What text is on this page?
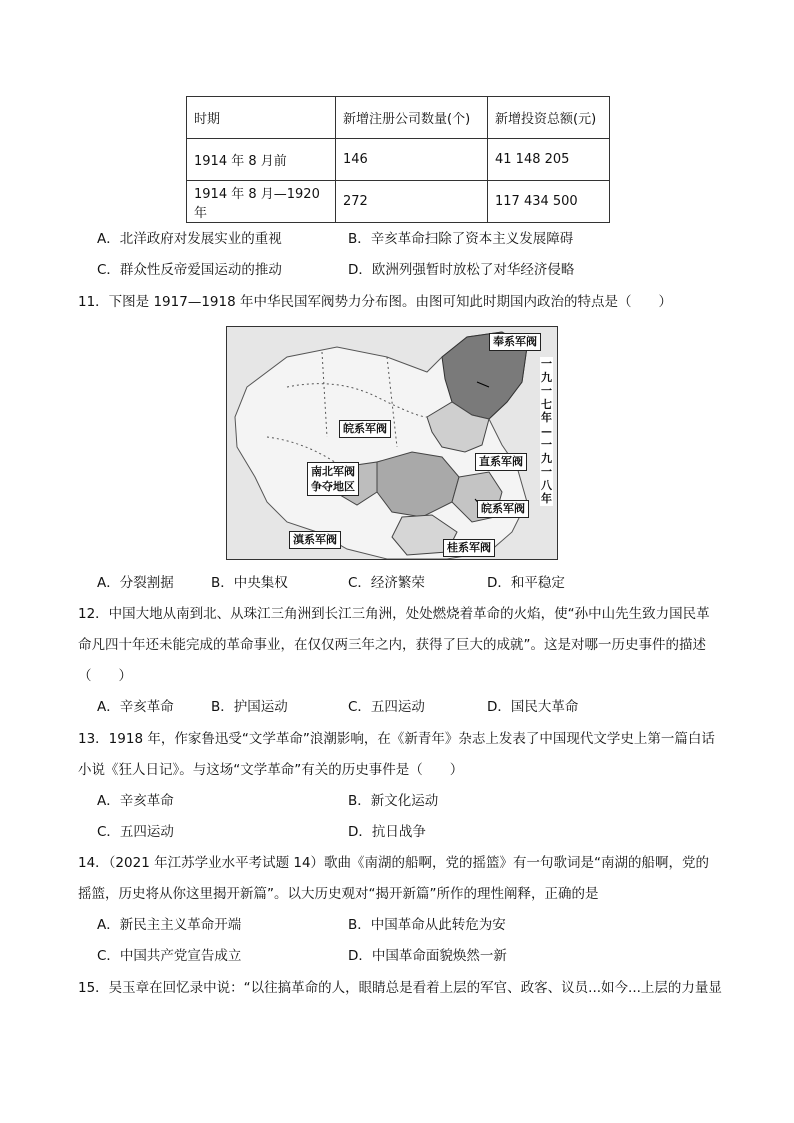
时期	新增注册公司数量(个)	新增投资总额(元)
1914 年 8 月前	146	41 148 205
1914 年 8 月—1920 年	272	117 434 500
A．北洋政府对发展实业的重视	B．辛亥革命扫除了资本主义发展障碍
C．群众性反帝爱国运动的推动	D．欧洲列强暂时放松了对华经济侵略
11．下图是 1917—1918 年中华民国军阀势力分布图。由图可知此时期国内政治的特点是（　　）
奉系军阀
皖系军阀
直系军阀
南北军阀
争夺地区
皖系军阀
滇系军阀
桂系军阀
一九一七年—一九一八年
A．分裂割据	B．中央集权	C．经济繁荣	D．和平稳定
12．中国大地从南到北、从珠江三角洲到长江三角洲，处处燃烧着革命的火焰，使“孙中山先生致力国民革
命凡四十年还未能完成的革命事业，在仅仅两三年之内，获得了巨大的成就”。这是对哪一历史事件的描述
（　　）
A．辛亥革命	B．护国运动	C．五四运动	D．国民大革命
13．1918 年，作家鲁迅受“文学革命”浪潮影响，在《新青年》杂志上发表了中国现代文学史上第一篇白话
小说《狂人日记》。与这场“文学革命”有关的历史事件是（　　）
A．辛亥革命	B．新文化运动
C．五四运动	D．抗日战争
14．（2021 年江苏学业水平考试题 14）歌曲《南湖的船啊，党的摇篮》有一句歌词是“南湖的船啊，党的
摇篮，历史将从你这里揭开新篇”。以大历史观对“揭开新篇”所作的理性阐释，正确的是
A．新民主主义革命开端	B．中国革命从此转危为安
C．中国共产党宣告成立	D．中国革命面貌焕然一新
15．吴玉章在回忆录中说：“以往搞革命的人，眼睛总是看着上层的军官、政客、议员...如今...上层的力量显
